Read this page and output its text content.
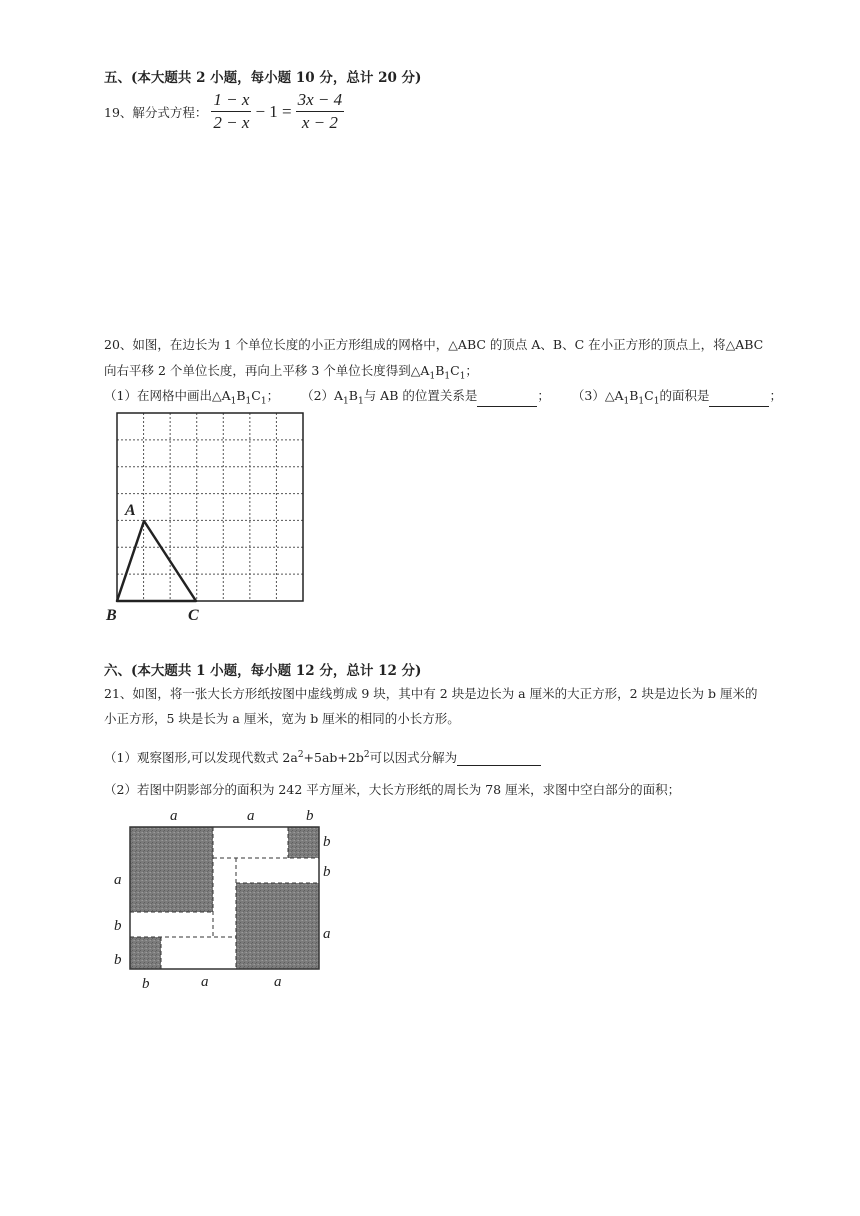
五、(本大题共 2 小题，每小题 10 分，总计 20 分)
19、解分式方程： $\frac{1 - x}{2 - x} - 1 = \frac{3x - 4}{x - 2}$
20、如图，在边长为 1 个单位长度的小正方形组成的网格中，△ABC 的顶点 A、B、C 在小正方形的顶点上，将△ABC
向右平移 2 个单位长度，再向上平移 3 个单位长度得到$\triangle A_1B_1C_1$；
（1）在网格中画出$\triangle A_1B_1C_1$； $(2)A_1B_1$与 AB 的位置关系是	； $(3)\triangle A_1B_1C_1$的面积是	；
A
B	C
六、(本大题共 1 小题，每小题 12 分，总计 12 分)
21、如图，将一张大长方形纸按图中虚线剪成 9 块，其中有 2 块是边长为 a 厘米的大正方形，2 块是边长为 b 厘米的
小正方形，5 块是长为 a 厘米，宽为 b 厘米的相同的小长方形。
（1）观察图形,可以发现代数式 $2a^2+5ab+2b^2$可以因式分解为
（2）若图中阴影部分的面积为 242 平方厘米，大长方形纸的周长为 78 厘米，求图中空白部分的面积；
a	a	b
a
b
b
b
b
a
b	a	a
